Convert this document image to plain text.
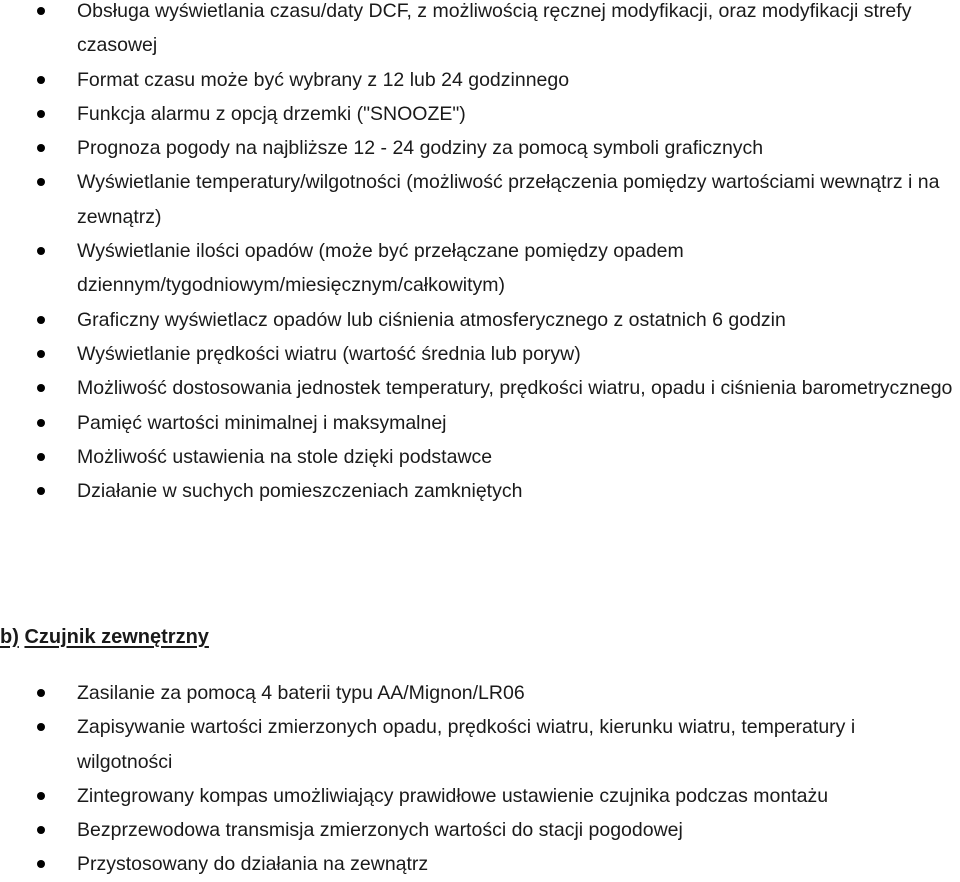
Obsługa wyświetlania czasu/daty DCF, z możliwością ręcznej modyfikacji, oraz modyfikacji strefy czasowej
Format czasu może być wybrany z 12 lub 24 godzinnego
Funkcja alarmu z opcją drzemki ("SNOOZE")
Prognoza pogody na najbliższe 12 - 24 godziny za pomocą symboli graficznych
Wyświetlanie temperatury/wilgotności (możliwość przełączenia pomiędzy wartościami wewnątrz i na zewnątrz)
Wyświetlanie ilości opadów (może być przełączane pomiędzy opadem dziennym/tygodniowym/miesięcznym/całkowitym)
Graficzny wyświetlacz opadów lub ciśnienia atmosferycznego z ostatnich 6 godzin
Wyświetlanie prędkości wiatru (wartość średnia lub poryw)
Możliwość dostosowania jednostek temperatury, prędkości wiatru, opadu i ciśnienia barometrycznego
Pamięć wartości minimalnej i maksymalnej
Możliwość ustawienia na stole dzięki podstawce
Działanie w suchych pomieszczeniach zamkniętych
b) Czujnik zewnętrzny
Zasilanie za pomocą 4 baterii typu AA/Mignon/LR06
Zapisywanie wartości zmierzonych opadu, prędkości wiatru, kierunku wiatru, temperatury i wilgotności
Zintegrowany kompas umożliwiający prawidłowe ustawienie czujnika podczas montażu
Bezprzewodowa transmisja zmierzonych wartości do stacji pogodowej
Przystosowany do działania na zewnątrz
